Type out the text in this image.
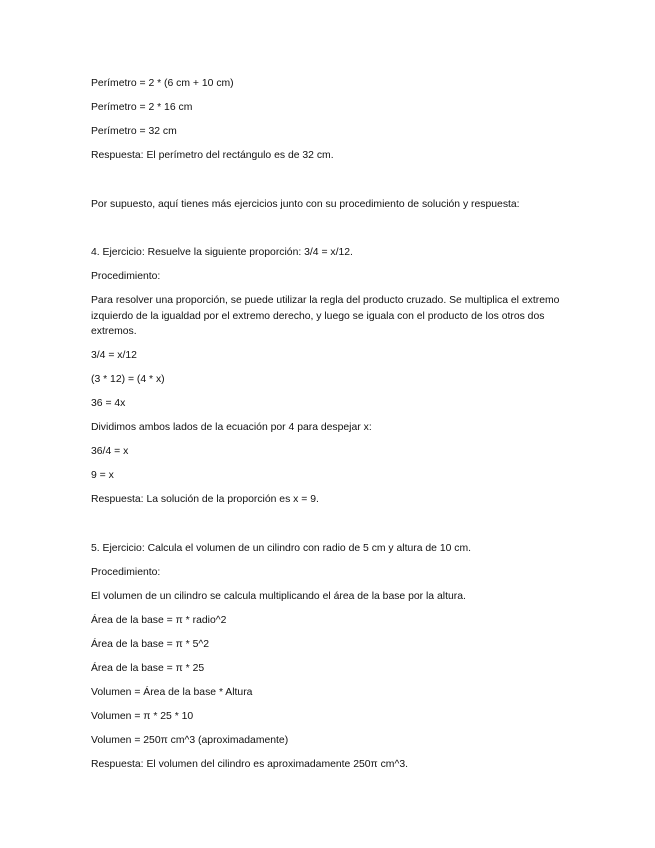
Perímetro = 2 * (6 cm + 10 cm)

Perímetro = 2 * 16 cm

Perímetro = 32 cm

Respuesta: El perímetro del rectángulo es de 32 cm.

Por supuesto, aquí tienes más ejercicios junto con su procedimiento de solución y respuesta:

4. Ejercicio: Resuelve la siguiente proporción: 3/4 = x/12.

Procedimiento:

Para resolver una proporción, se puede utilizar la regla del producto cruzado. Se multiplica el extremo izquierdo de la igualdad por el extremo derecho, y luego se iguala con el producto de los otros dos extremos.

3/4 = x/12

(3 * 12) = (4 * x)

36 = 4x

Dividimos ambos lados de la ecuación por 4 para despejar x:

36/4 = x

9 = x

Respuesta: La solución de la proporción es x = 9.

5. Ejercicio: Calcula el volumen de un cilindro con radio de 5 cm y altura de 10 cm.

Procedimiento:

El volumen de un cilindro se calcula multiplicando el área de la base por la altura.

Área de la base = π * radio^2

Área de la base = π * 5^2

Área de la base = π * 25

Volumen = Área de la base * Altura

Volumen = π * 25 * 10

Volumen = 250π cm^3 (aproximadamente)

Respuesta: El volumen del cilindro es aproximadamente 250π cm^3.
